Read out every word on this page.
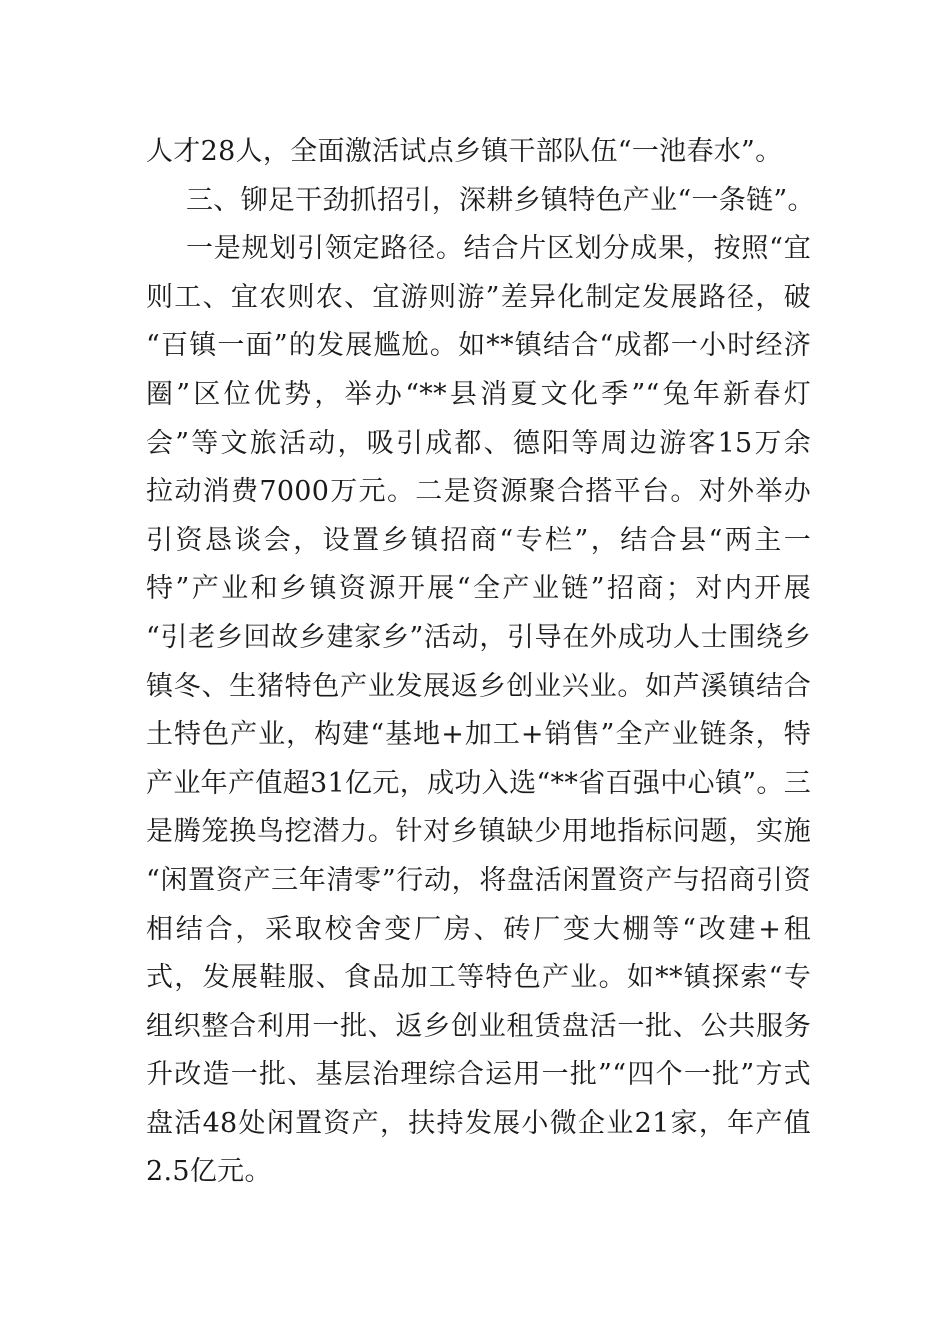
人才28人，全面激活试点乡镇干部队伍“一池春水”。
三、铆足干劲抓招引，深耕乡镇特色产业“一条链”。
一是规划引领定路径。结合片区划分成果，按照“宜
则工、宜农则农、宜游则游”差异化制定发展路径，破
“百镇一面”的发展尴尬。如**镇结合“成都一小时经济
圈”区位优势，举办“**县消夏文化季”“兔年新春灯
会”等文旅活动，吸引成都、德阳等周边游客15万余
拉动消费7000万元。二是资源聚合搭平台。对外举办
引资恳谈会，设置乡镇招商“专栏”，结合县“两主一
特”产业和乡镇资源开展“全产业链”招商；对内开展
“引老乡回故乡建家乡”活动，引导在外成功人士围绕乡
镇冬、生猪特色产业发展返乡创业兴业。如芦溪镇结合
土特色产业，构建“基地+加工+销售”全产业链条，特
产业年产值超31亿元，成功入选“**省百强中心镇”。三
是腾笼换鸟挖潜力。针对乡镇缺少用地指标问题，实施
“闲置资产三年清零”行动，将盘活闲置资产与招商引资
相结合，采取校舍变厂房、砖厂变大棚等“改建+租
式，发展鞋服、食品加工等特色产业。如**镇探索“专
组织整合利用一批、返乡创业租赁盘活一批、公共服务
升改造一批、基层治理综合运用一批”“四个一批”方式
盘活48处闲置资产，扶持发展小微企业21家，年产值
2.5亿元。
